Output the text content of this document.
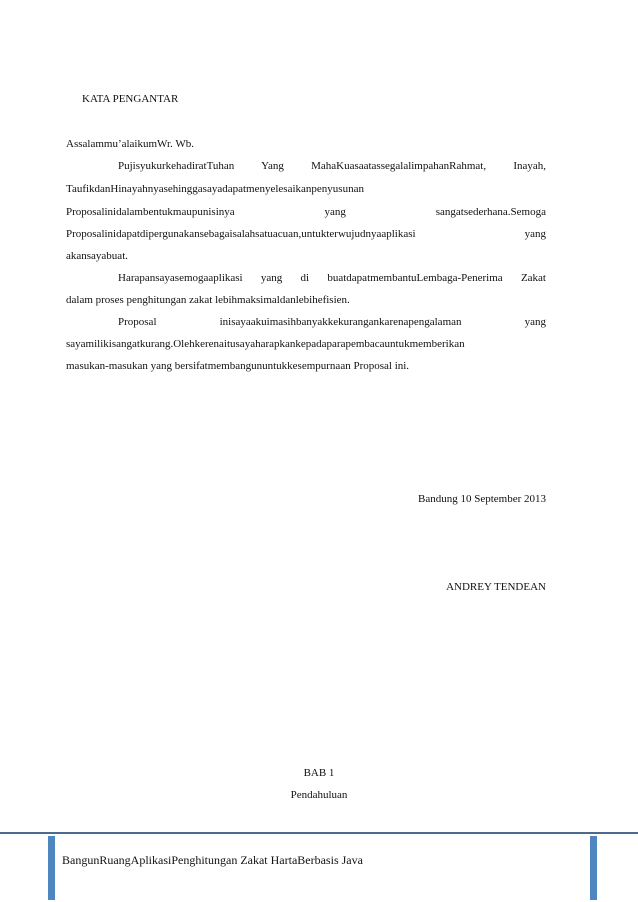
KATA PENGANTAR
Assalammu’alaikumWr. Wb.
PujisyukurkehadiratTuhan Yang MahaKuasaatassegalalimpahanRahmat, Inayah,
TaufikdanHinayahnyasehinggasayadapatmenyelesaikanpenyusunan
Proposalinidalambentukmaupunisinya yang sangatsederhana.Semoga
Proposalinidapatdipergunakansebagaisalahsatuacuan,untukterwujudnyaaplikasi yang
akansayabuat.
Harapansayasemogaaplikasi yang di buatdapatmembantuLembaga-Penerima Zakat
dalam proses penghitungan zakat lebihmaksimaldanlebihefisien.
Proposal inisayaakuimasihbanyakkekurangankarenapengalaman yang
sayamilikisangatkurang.Olehkerenaitusayaharapkankepadaparapembacauntukmemberikan
masukan-masukan yang bersifatmembangununtukkesempurnaan Proposal ini.
Bandung 10 September 2013
ANDREY TENDEAN
BAB 1
Pendahuluan
BangunRuangAplikasiPenghitungan Zakat HartaBerbasis Java
